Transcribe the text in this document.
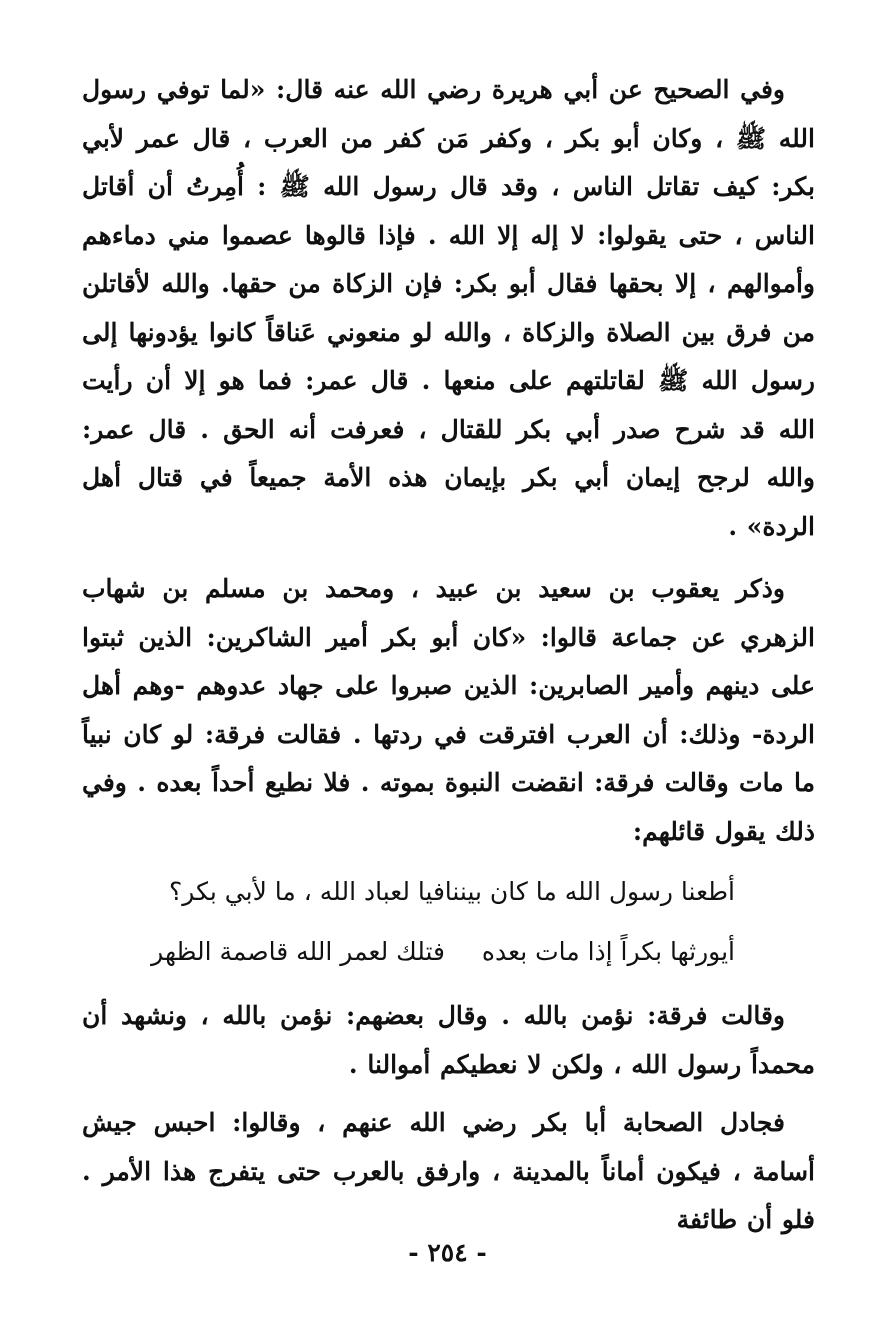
وفي الصحيح عن أبي هريرة رضي الله عنه قال: «لما توفي رسول الله ﷺ ، وكان أبو بكر ، وكفر مَن كفر من العرب ، قال عمر لأبي بكر: كيف تقاتل الناس ، وقد قال رسول الله ﷺ : أُمِرتُ أن أقاتل الناس ، حتى يقولوا: لا إله إلا الله . فإذا قالوها عصموا مني دماءهم وأموالهم ، إلا بحقها فقال أبو بكر: فإن الزكاة من حقها. والله لأقاتلن من فرق بين الصلاة والزكاة ، والله لو منعوني عَناقاً كانوا يؤدونها إلى رسول الله ﷺ لقاتلتهم على منعها . قال عمر: فما هو إلا أن رأيت الله قد شرح صدر أبي بكر للقتال ، فعرفت أنه الحق . قال عمر: والله لرجح إيمان أبي بكر بإيمان هذه الأمة جميعاً في قتال أهل الردة» .

وذكر يعقوب بن سعيد بن عبيد ، ومحمد بن مسلم بن شهاب الزهري عن جماعة قالوا: «كان أبو بكر أمير الشاكرين: الذين ثبتوا على دينهم وأمير الصابرين: الذين صبروا على جهاد عدوهم -وهم أهل الردة- وذلك: أن العرب افترقت في ردتها . فقالت فرقة: لو كان نبياً ما مات وقالت فرقة: انقضت النبوة بموته . فلا نطيع أحداً بعده . وفي ذلك يقول قائلهم:

أطعنا رسول الله ما كان بيننا
فيا لعباد الله ، ما لأبي بكر؟
أيورثها بكراً إذا مات بعده
فتلك لعمر الله قاصمة الظهر

وقالت فرقة: نؤمن بالله . وقال بعضهم: نؤمن بالله ، ونشهد أن محمداً رسول الله ، ولكن لا نعطيكم أموالنا .

فجادل الصحابة أبا بكر رضي الله عنهم ، وقالوا: احبس جيش أسامة ، فيكون أماناً بالمدينة ، وارفق بالعرب حتى يتفرج هذا الأمر . فلو أن طائفة

- ٢٥٤ -
